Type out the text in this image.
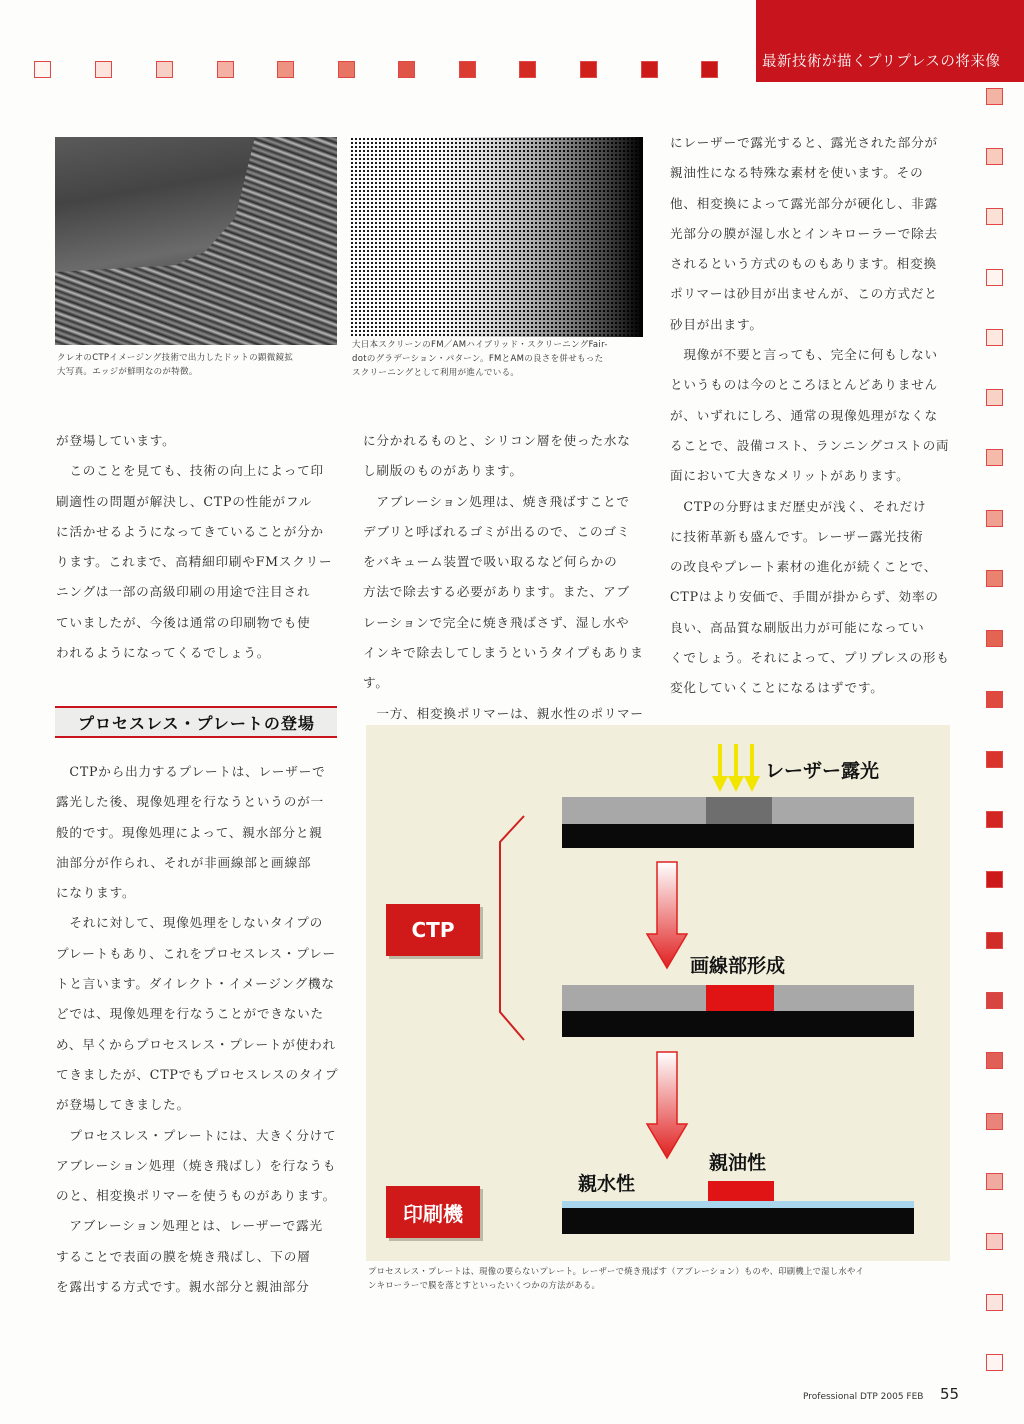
最新技術が描くプリプレスの将来像
クレオのCTPイメージング技術で出力したドットの顕微鏡拡
大写真。エッジが鮮明なのが特徴。
大日本スクリーンのFM／AMハイブリッド・スクリーニングFair-
dotのグラデーション・パターン。FMとAMの良さを併せもった
スクリーニングとして利用が進んでいる。

が登場しています。

　このことを見ても、技術の向上によって印

刷適性の問題が解決し、CTPの性能がフル

に活かせるようになってきていることが分か

ります。これまで、高精細印刷やFMスクリー

ニングは一部の高級印刷の用途で注目され

ていましたが、今後は通常の印刷物でも使

われるようになってくるでしょう。

プロセスレス・プレートの登場

　CTPから出力するプレートは、レーザーで

露光した後、現像処理を行なうというのが一

般的です。現像処理によって、親水部分と親

油部分が作られ、それが非画線部と画線部

になります。

　それに対して、現像処理をしないタイプの

プレートもあり、これをプロセスレス・プレー

トと言います。ダイレクト・イメージング機な

どでは、現像処理を行なうことができないた

め、早くからプロセスレス・プレートが使われ

てきましたが、CTPでもプロセスレスのタイプ

が登場してきました。

　プロセスレス・プレートには、大きく分けて

アブレーション処理（焼き飛ばし）を行なうも

のと、相変換ポリマーを使うものがあります。

　アブレーション処理とは、レーザーで露光

することで表面の膜を焼き飛ばし、下の層

を露出する方式です。親水部分と親油部分

に分かれるものと、シリコン層を使った水な

し刷版のものがあります。

　アブレーション処理は、焼き飛ばすことで

デブリと呼ばれるゴミが出るので、このゴミ

をバキューム装置で吸い取るなど何らかの

方法で除去する必要があります。また、アブ

レーションで完全に焼き飛ばさず、湿し水や

インキで除去してしまうというタイプもあります。

　一方、相変換ポリマーは、親水性のポリマー

にレーザーで露光すると、露光された部分が

親油性になる特殊な素材を使います。その

他、相変換によって露光部分が硬化し、非露

光部分の膜が湿し水とインキローラーで除去

されるという方式のものもあります。相変換

ポリマーは砂目が出ませんが、この方式だと

砂目が出ます。

　現像が不要と言っても、完全に何もしない

というものは今のところほとんどありません

が、いずれにしろ、通常の現像処理がなくな

ることで、設備コスト、ランニングコストの両

面において大きなメリットがあります。

　CTPの分野はまだ歴史が浅く、それだけ

に技術革新も盛んです。レーザー露光技術

の改良やプレート素材の進化が続くことで、

CTPはより安価で、手間が掛からず、効率の

良い、高品質な刷版出力が可能になってい

くでしょう。それによって、プリプレスの形も

変化していくことになるはずです。

レーザー露光
CTP
画線部形成
親油性
親水性
印刷機
プロセスレス・プレートは、現像の要らないプレート。レーザーで焼き飛ばす（アブレーション）ものや、印刷機上で湿し水やイ
ンキローラーで膜を落とすといったいくつかの方法がある。
Professional DTP 2005 FEB 55
